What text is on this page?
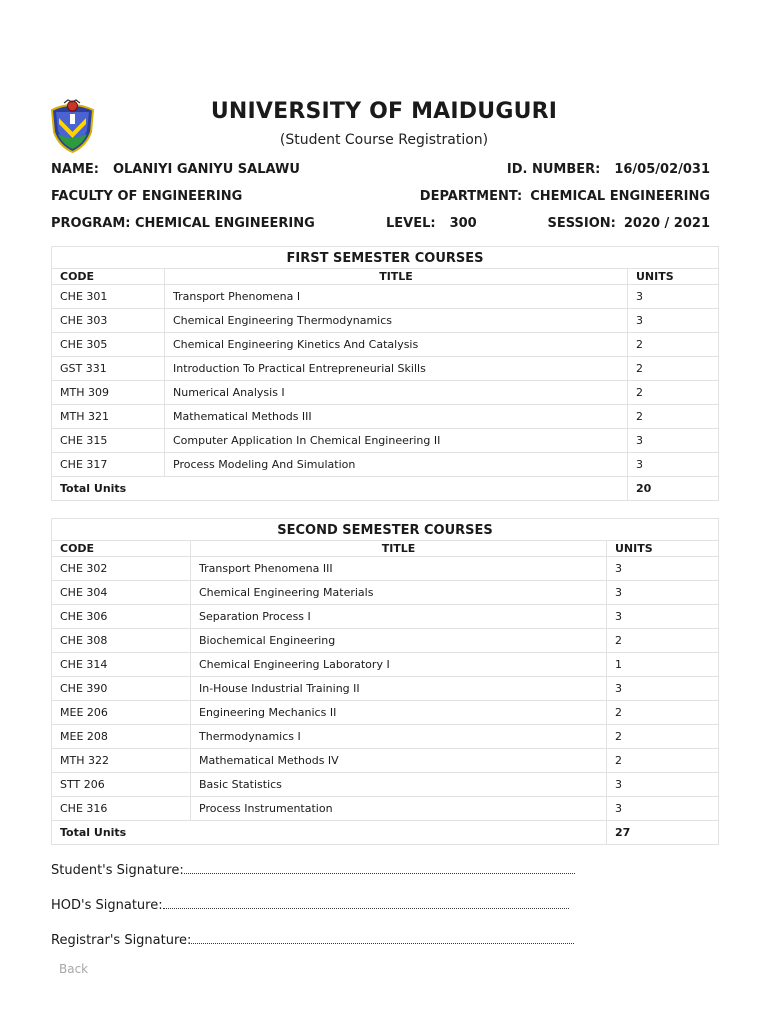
UNIVERSITY OF MAIDUGURI
(Student Course Registration)
NAME: OLANIYI GANIYU SALAWU	ID. NUMBER: 16/05/02/031
FACULTY OF ENGINEERING	DEPARTMENT: CHEMICAL ENGINEERING
PROGRAM: CHEMICAL ENGINEERING	LEVEL: 300	SESSION: 2020 / 2021
FIRST SEMESTER COURSES		
CODE	TITLE	UNITS
CHE 301	Transport Phenomena I	3
CHE 303	Chemical Engineering Thermodynamics	3
CHE 305	Chemical Engineering Kinetics And Catalysis	2
GST 331	Introduction To Practical Entrepreneurial Skills	2
MTH 309	Numerical Analysis I	2
MTH 321	Mathematical Methods III	2
CHE 315	Computer Application In Chemical Engineering II	3
CHE 317	Process Modeling And Simulation	3
Total Units		20
SECOND SEMESTER COURSES		
CODE	TITLE	UNITS
CHE 302	Transport Phenomena III	3
CHE 304	Chemical Engineering Materials	3
CHE 306	Separation Process I	3
CHE 308	Biochemical Engineering	2
CHE 314	Chemical Engineering Laboratory I	1
CHE 390	In-House Industrial Training II	3
MEE 206	Engineering Mechanics II	2
MEE 208	Thermodynamics I	2
MTH 322	Mathematical Methods IV	2
STT 206	Basic Statistics	3
CHE 316	Process Instrumentation	3
Total Units		27
Student's Signature:
HOD's Signature:
Registrar's Signature:
Back
